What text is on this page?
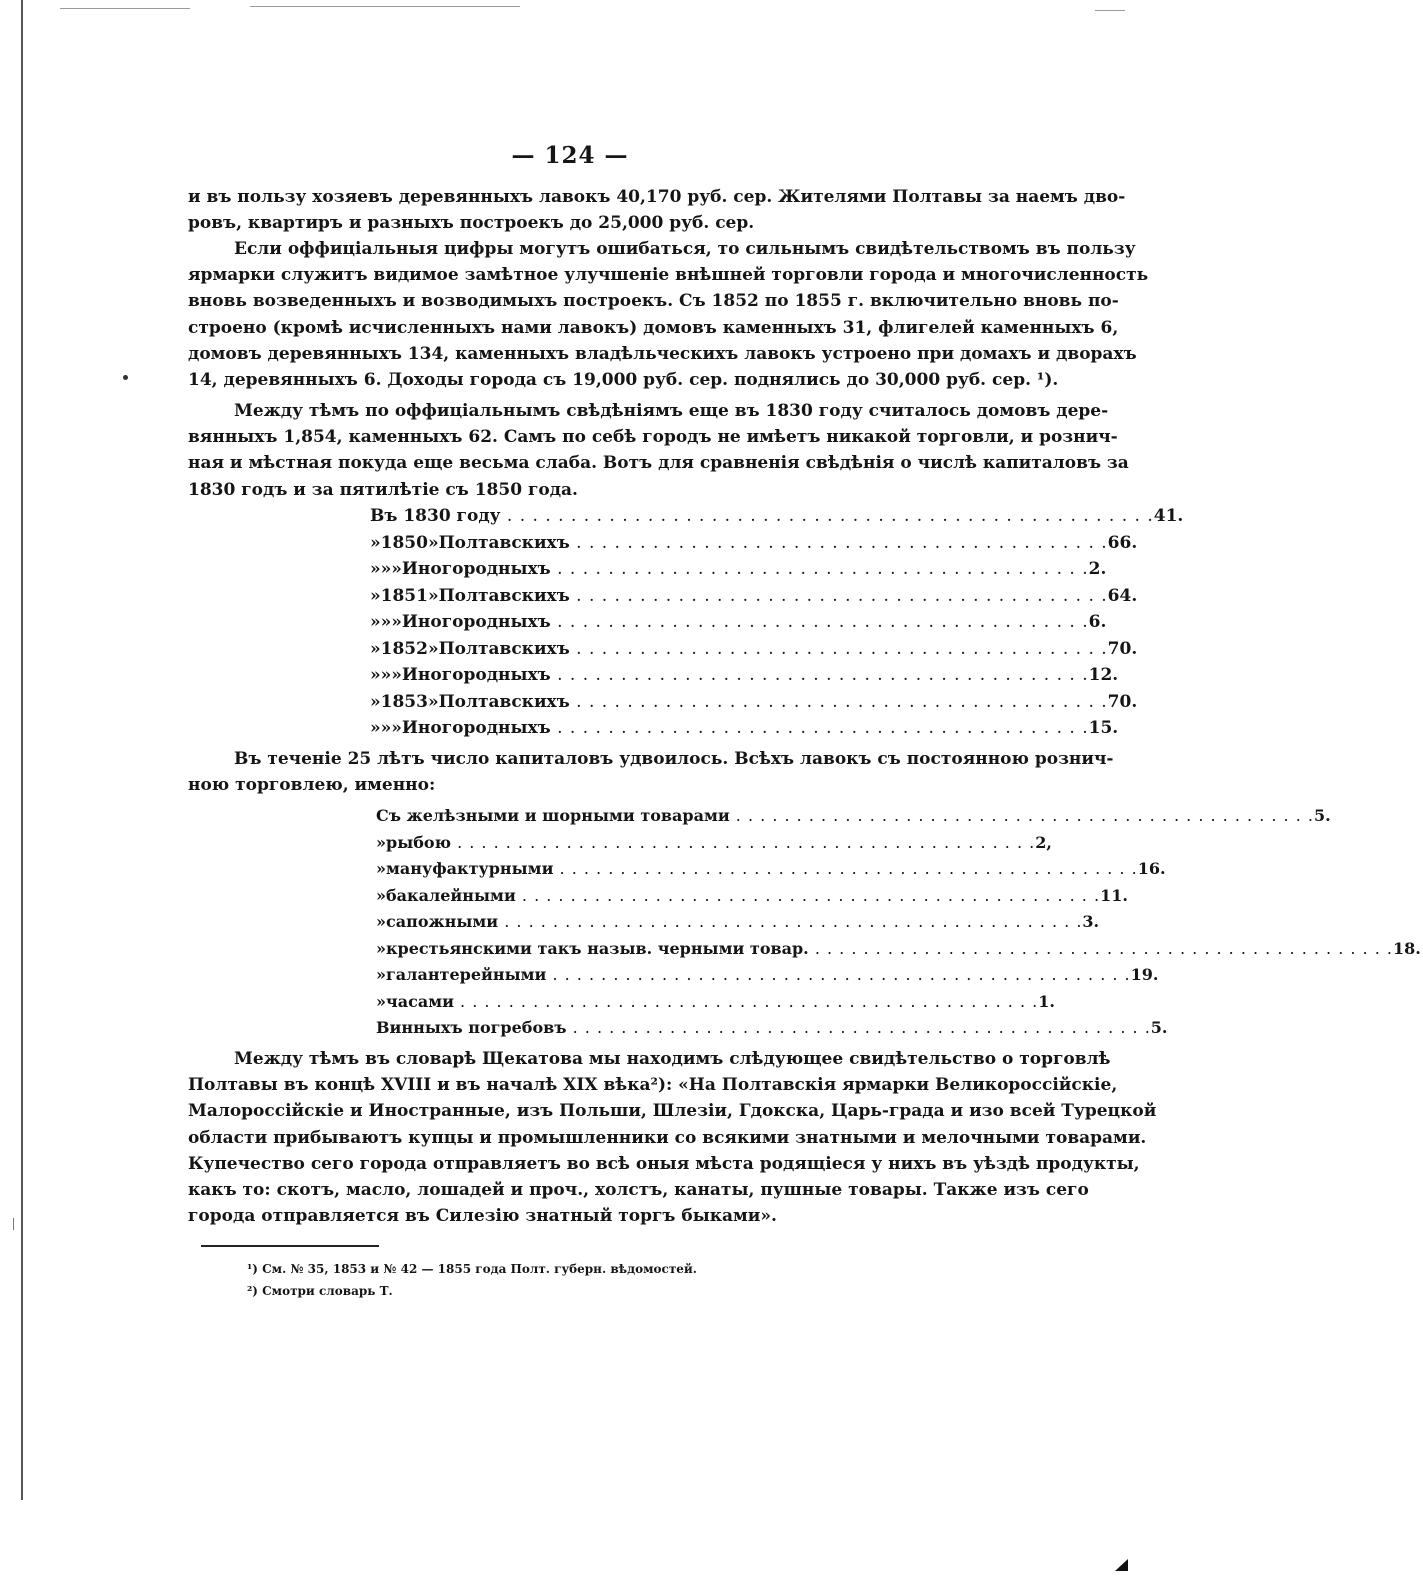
— 124 —
и въ пользу хозяевъ деревянныхъ лавокъ 40,170 руб. сер. Жителями Полтавы за наемъ дво-
ровъ, квартиръ и разныхъ построекъ до 25,000 руб. сер.
Если оффиціальныя цифры могутъ ошибаться, то сильнымъ свидѣтельствомъ въ пользу
ярмарки служитъ видимое замѣтное улучшеніе внѣшней торговли города и многочисленность
вновь возведенныхъ и возводимыхъ построекъ. Съ 1852 по 1855 г. включительно вновь по-
строено (кромѣ исчисленныхъ нами лавокъ) домовъ каменныхъ 31, флигелей каменныхъ 6,
домовъ деревянныхъ 134, каменныхъ владѣльческихъ лавокъ устроено при домахъ и дворахъ
14, деревянныхъ 6. Доходы города съ 19,000 руб. сер. поднялись до 30,000 руб. сер. ¹).
Между тѣмъ по оффиціальнымъ свѣдѣніямъ еще въ 1830 году считалось домовъ дере-
вянныхъ 1,854, каменныхъ 62. Самъ по себѣ городъ не имѣетъ никакой торговли, и рознич-
ная и мѣстная покуда еще весьма слаба. Вотъ для сравненія свѣдѣнія о числѣ капиталовъ за
1830 годъ и за пятилѣтіе съ 1850 года.
Въ 1830 году . . .	41.
» 1850 » Полтавскихъ . . .	66.
» » » Иногородныхъ . . .	2.
» 1851 » Полтавскихъ . . .	64.
» » » Иногородныхъ . . .	6.
» 1852 » Полтавскихъ . . .	70.
» » » Иногородныхъ . . .	12.
» 1853 » Полтавскихъ . . .	70.
» » » Иногородныхъ . . .	15.
Въ теченіе 25 лѣтъ число капиталовъ удвоилось. Всѣхъ лавокъ съ постоянною рознич-
ною торговлею, именно:
Съ желѣзными и шорными товарами . . .	5.
» рыбою . . .	2,
» мануфактурными . . .	16.
» бакалейными . . .	11.
» сапожными . . .	3.
» крестьянскими такъ назыв. черными товар. . . .	18.
» галантерейными . . .	19.
» часами . . .	1.
Винныхъ погребовъ . . .	5.
Между тѣмъ въ словарѣ Щекатова мы находимъ слѣдующее свидѣтельство о торговлѣ
Полтавы въ концѣ XVIII и въ началѣ XIX вѣка²): «На Полтавскія ярмарки Великороссійскіе,
Малороссійскіе и Иностранные, изъ Польши, Шлезіи, Гдокска, Царь-града и изо всей Турецкой
области прибываютъ купцы и промышленники со всякими знатными и мелочными товарами.
Купечество сего города отправляетъ во всѣ оныя мѣста родящіеся у нихъ въ уѣздѣ продукты,
какъ то: скотъ, масло, лошадей и проч., холстъ, канаты, пушные товары. Также изъ сего
города отправляется въ Силезію знатный торгъ быками».
¹) См. № 35, 1853 и № 42 — 1855 года Полт. губерн. вѣдомостей.
²) Смотри словарь Т.
